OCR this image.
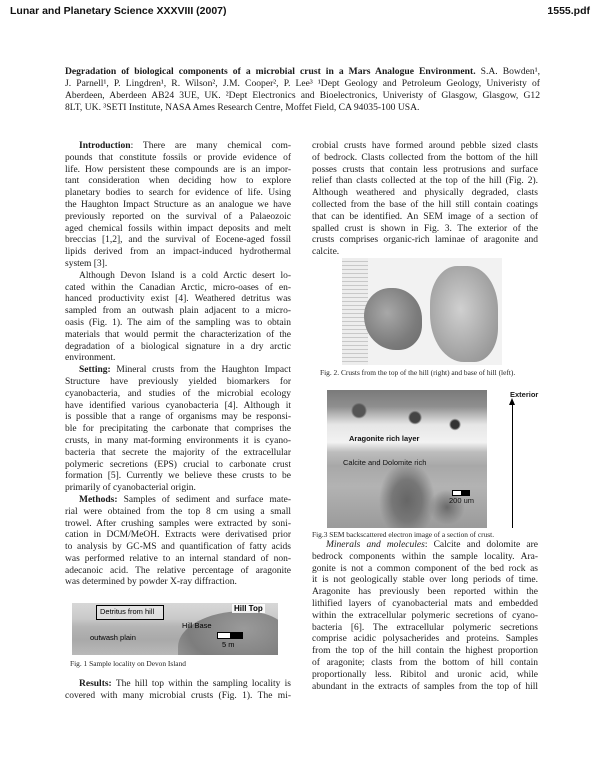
Lunar and Planetary Science XXXVIII (2007)	1555.pdf
Degradation of biological components of a microbial crust in a Mars Analogue Environment. S.A. Bowden¹,
J. Parnell¹, P. Lingdren¹, R. Wilson², J.M. Cooper², P. Lee³ ¹Dept Geology and Petroleum Geology, Univeristy of
Aberdeen, Aberdeen AB24 3UE, UK. ²Dept Electronics and Bioelectronics, Univeristy of Glasgow, Glasgow, G12
8LT, UK. ³SETI Institute, NASA Ames Research Centre, Moffet Field, CA 94035-100 USA.
Introduction: There are many chemical com-
pounds that constitute fossils or provide evidence of
life. How persistent these compounds are is an impor-
tant consideration when deciding how to explore
planetary bodies to search for evidence of life. Using
the Haughton Impact Structure as an analogue we have
previously reported on the survival of a Palaeozoic
aged chemical fossils within impact deposits and melt
breccias [1,2], and the survival of Eocene-aged fossil
lipids derived from an impact-induced hydrothermal
system [3].
Although Devon Island is a cold Arctic desert lo-
cated within the Canadian Arctic, micro-oases of en-
hanced productivity exist [4]. Weathered detritus was
sampled from an outwash plain adjacent to a micro-
oasis (Fig. 1). The aim of the sampling was to obtain
materials that would permit the characterization of the
degradation of a biological signature in a dry arctic
environment.
Setting: Mineral crusts from the Haughton Impact
Structure have previously yielded biomarkers for
cyanobacteria, and studies of the microbial ecology
have identified various cyanobacteria [4]. Although it
is possible that a range of organisms may be responsi-
ble for precipitating the carbonate that comprises the
crusts, in many mat-forming environments it is cyano-
bacteria that secrete the majority of the extracellular
polymeric secretions (EPS) crucial to carbonate crust
formation [5]. Currently we believe these crusts to be
primarily of cyanobacterial origin.
Methods: Samples of sediment and surface mate-
rial were obtained from the top 8 cm using a small
trowel. After crushing samples were extracted by soni-
cation in DCM/MeOH. Extracts were derivatised prior
to analysis by GC-MS and quantification of fatty acids
was performed relative to an internal standard of non-
adecanoic acid. The relative percentage of aragonite
was determined by powder X-ray diffraction.
Detritus from hill
outwash plain
Hill Top
Hill Base
5 m
Fig. 1 Sample locality on Devon Island
Results: The hill top within the sampling locality is
covered with many microbial crusts (Fig. 1). The mi-
crobial crusts have formed around pebble sized clasts
of bedrock. Clasts collected from the bottom of the hill
posses crusts that contain less protrusions and surface
relief than clasts collected at the top of the hill (Fig. 2).
Although weathered and physically degraded, clasts
collected from the base of the hill still contain coatings
that can be identified. An SEM image of a section of
spalled crust is shown in Fig. 3. The exterior of the
crusts comprises organic-rich laminae of aragonite and
calcite.
Fig. 2. Crusts from the top of the hill (right) and base of hill (left).
Aragonite rich layer
Calcite and Dolomite rich
200 um
Exterior
Fig.3 SEM backscattered electron image of a section of crust.
Minerals and molecules: Calcite and dolomite are
bedrock components within the sample locality. Ara-
gonite is not a common component of the bed rock as
it is not geologically stable over long periods of time.
Aragonite has previously been reported within the
lithified layers of cyanobacterial mats and embedded
within the extracellular polymeric secretions of cyano-
bacteria [6]. The extracellular polymeric secretions
comprise acidic polysacherides and proteins. Samples
from the top of the hill contain the highest proportion
of aragonite; clasts from the bottom of hill contain
proportionally less. Ribitol and uronic acid, while
abundant in the extracts of samples from the top of hill
